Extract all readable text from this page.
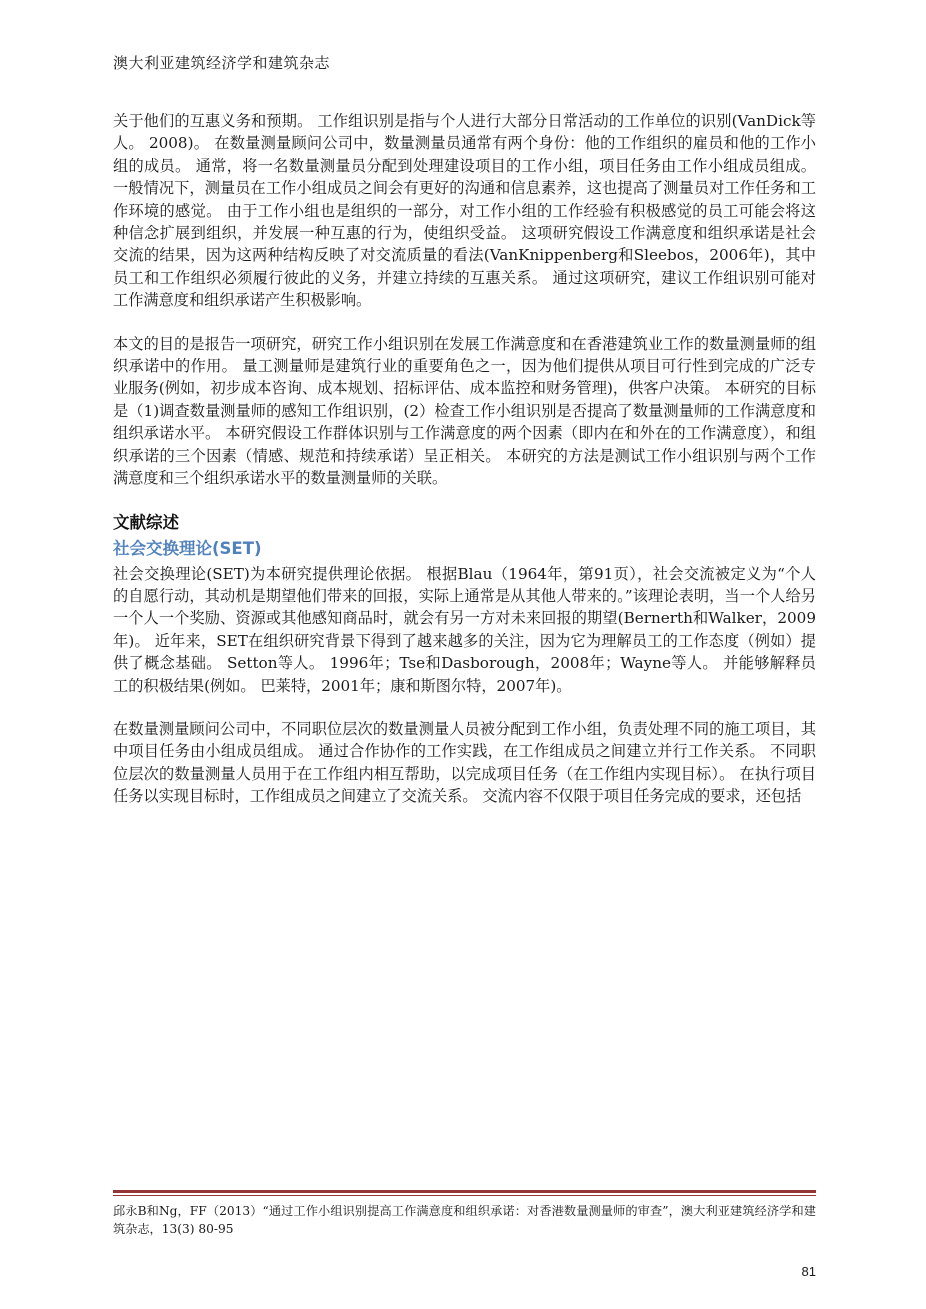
澳大利亚建筑经济学和建筑杂志

关于他们的互惠义务和预期。 工作组识别是指与个人进行大部分日常活动的工作单位的识别(VanDick等人。 2008)。 在数量测量顾问公司中，数量测量员通常有两个身份：他的工作组织的雇员和他的工作小组的成员。 通常，将一名数量测量员分配到处理建设项目的工作小组，项目任务由工作小组成员组成。 一般情况下，测量员在工作小组成员之间会有更好的沟通和信息素养，这也提高了测量员对工作任务和工作环境的感觉。 由于工作小组也是组织的一部分，对工作小组的工作经验有积极感觉的员工可能会将这种信念扩展到组织，并发展一种互惠的行为，使组织受益。 这项研究假设工作满意度和组织承诺是社会交流的结果，因为这两种结构反映了对交流质量的看法(VanKnippenberg和Sleebos，2006年)，其中员工和工作组织必须履行彼此的义务，并建立持续的互惠关系。 通过这项研究，建议工作组识别可能对工作满意度和组织承诺产生积极影响。

本文的目的是报告一项研究，研究工作小组识别在发展工作满意度和在香港建筑业工作的数量测量师的组织承诺中的作用。 量工测量师是建筑行业的重要角色之一，因为他们提供从项目可行性到完成的广泛专业服务(例如，初步成本咨询、成本规划、招标评估、成本监控和财务管理)，供客户决策。 本研究的目标是（1)调查数量测量师的感知工作组识别，(2）检查工作小组识别是否提高了数量测量师的工作满意度和组织承诺水平。 本研究假设工作群体识别与工作满意度的两个因素（即内在和外在的工作满意度），和组织承诺的三个因素（情感、规范和持续承诺）呈正相关。 本研究的方法是测试工作小组识别与两个工作满意度和三个组织承诺水平的数量测量师的关联。

文献综述
社会交换理论(SET)

社会交换理论(SET)为本研究提供理论依据。 根据Blau（1964年，第91页），社会交流被定义为“个人的自愿行动，其动机是期望他们带来的回报，实际上通常是从其他人带来的。”该理论表明，当一个人给另一个人一个奖励、资源或其他感知商品时，就会有另一方对未来回报的期望(Bernerth和Walker，2009年)。 近年来，SET在组织研究背景下得到了越来越多的关注，因为它为理解员工的工作态度（例如）提供了概念基础。 Setton等人。 1996年；Tse和Dasborough，2008年；Wayne等人。 并能够解释员工的积极结果(例如。 巴莱特，2001年；康和斯图尔特，2007年)。

在数量测量顾问公司中，不同职位层次的数量测量人员被分配到工作小组，负责处理不同的施工项目，其中项目任务由小组成员组成。 通过合作协作的工作实践，在工作组成员之间建立并行工作关系。 不同职位层次的数量测量人员用于在工作组内相互帮助，以完成项目任务（在工作组内实现目标）。 在执行项目任务以实现目标时，工作组成员之间建立了交流关系。 交流内容不仅限于项目任务完成的要求，还包括

邱永B和Ng，FF（2013）“通过工作小组识别提高工作满意度和组织承诺：对香港数量测量师的审查”，澳大利亚建筑经济学和建筑杂志，13(3) 80-95
81
